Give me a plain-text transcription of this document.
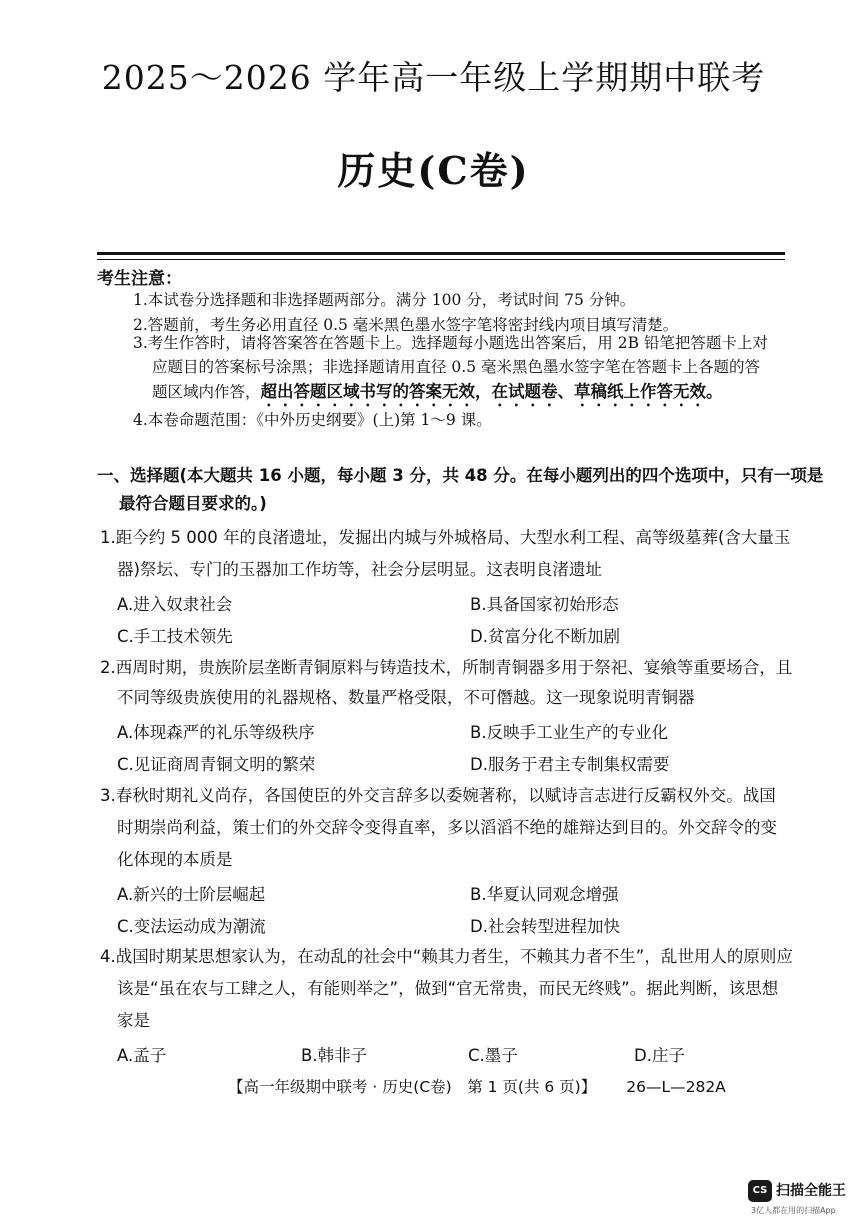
2025～2026 学年高一年级上学期期中联考
历史(C卷)
考生注意：
1.本试卷分选择题和非选择题两部分。满分 100 分，考试时间 75 分钟。
2.答题前，考生务必用直径 0.5 毫米黑色墨水签字笔将密封线内项目填写清楚。
3.考生作答时，请将答案答在答题卡上。选择题每小题选出答案后，用 2B 铅笔把答题卡上对
应题目的答案标号涂黑；非选择题请用直径 0.5 毫米黑色墨水签字笔在答题卡上各题的答
题区域内作答，超出答题区域书写的答案无效，在试题卷、草稿纸上作答无效。
4.本卷命题范围：《中外历史纲要》(上)第 1～9 课。
一、选择题(本大题共 16 小题，每小题 3 分，共 48 分。在每小题列出的四个选项中，只有一项是
最符合题目要求的。)
1.距今约 5 000 年的良渚遗址，发掘出内城与外城格局、大型水利工程、高等级墓葬(含大量玉
器)祭坛、专门的玉器加工作坊等，社会分层明显。这表明良渚遗址
A.进入奴隶社会	B.具备国家初始形态
C.手工技术领先	D.贫富分化不断加剧
2.西周时期，贵族阶层垄断青铜原料与铸造技术，所制青铜器多用于祭祀、宴飨等重要场合，且
不同等级贵族使用的礼器规格、数量严格受限，不可僭越。这一现象说明青铜器
A.体现森严的礼乐等级秩序	B.反映手工业生产的专业化
C.见证商周青铜文明的繁荣	D.服务于君主专制集权需要
3.春秋时期礼义尚存，各国使臣的外交言辞多以委婉著称，以赋诗言志进行反霸权外交。战国
时期崇尚利益，策士们的外交辞令变得直率，多以滔滔不绝的雄辩达到目的。外交辞令的变
化体现的本质是
A.新兴的士阶层崛起	B.华夏认同观念增强
C.变法运动成为潮流	D.社会转型进程加快
4.战国时期某思想家认为，在动乱的社会中“赖其力者生，不赖其力者不生”，乱世用人的原则应
该是“虽在农与工肆之人，有能则举之”，做到“官无常贵，而民无终贱”。据此判断，该思想
家是
A.孟子	B.韩非子	C.墨子	D.庄子
【高一年级期中联考 · 历史(C卷)　第 1 页(共 6 页)】 26—L—282A
CS 扫描全能王
3亿人都在用的扫描App
